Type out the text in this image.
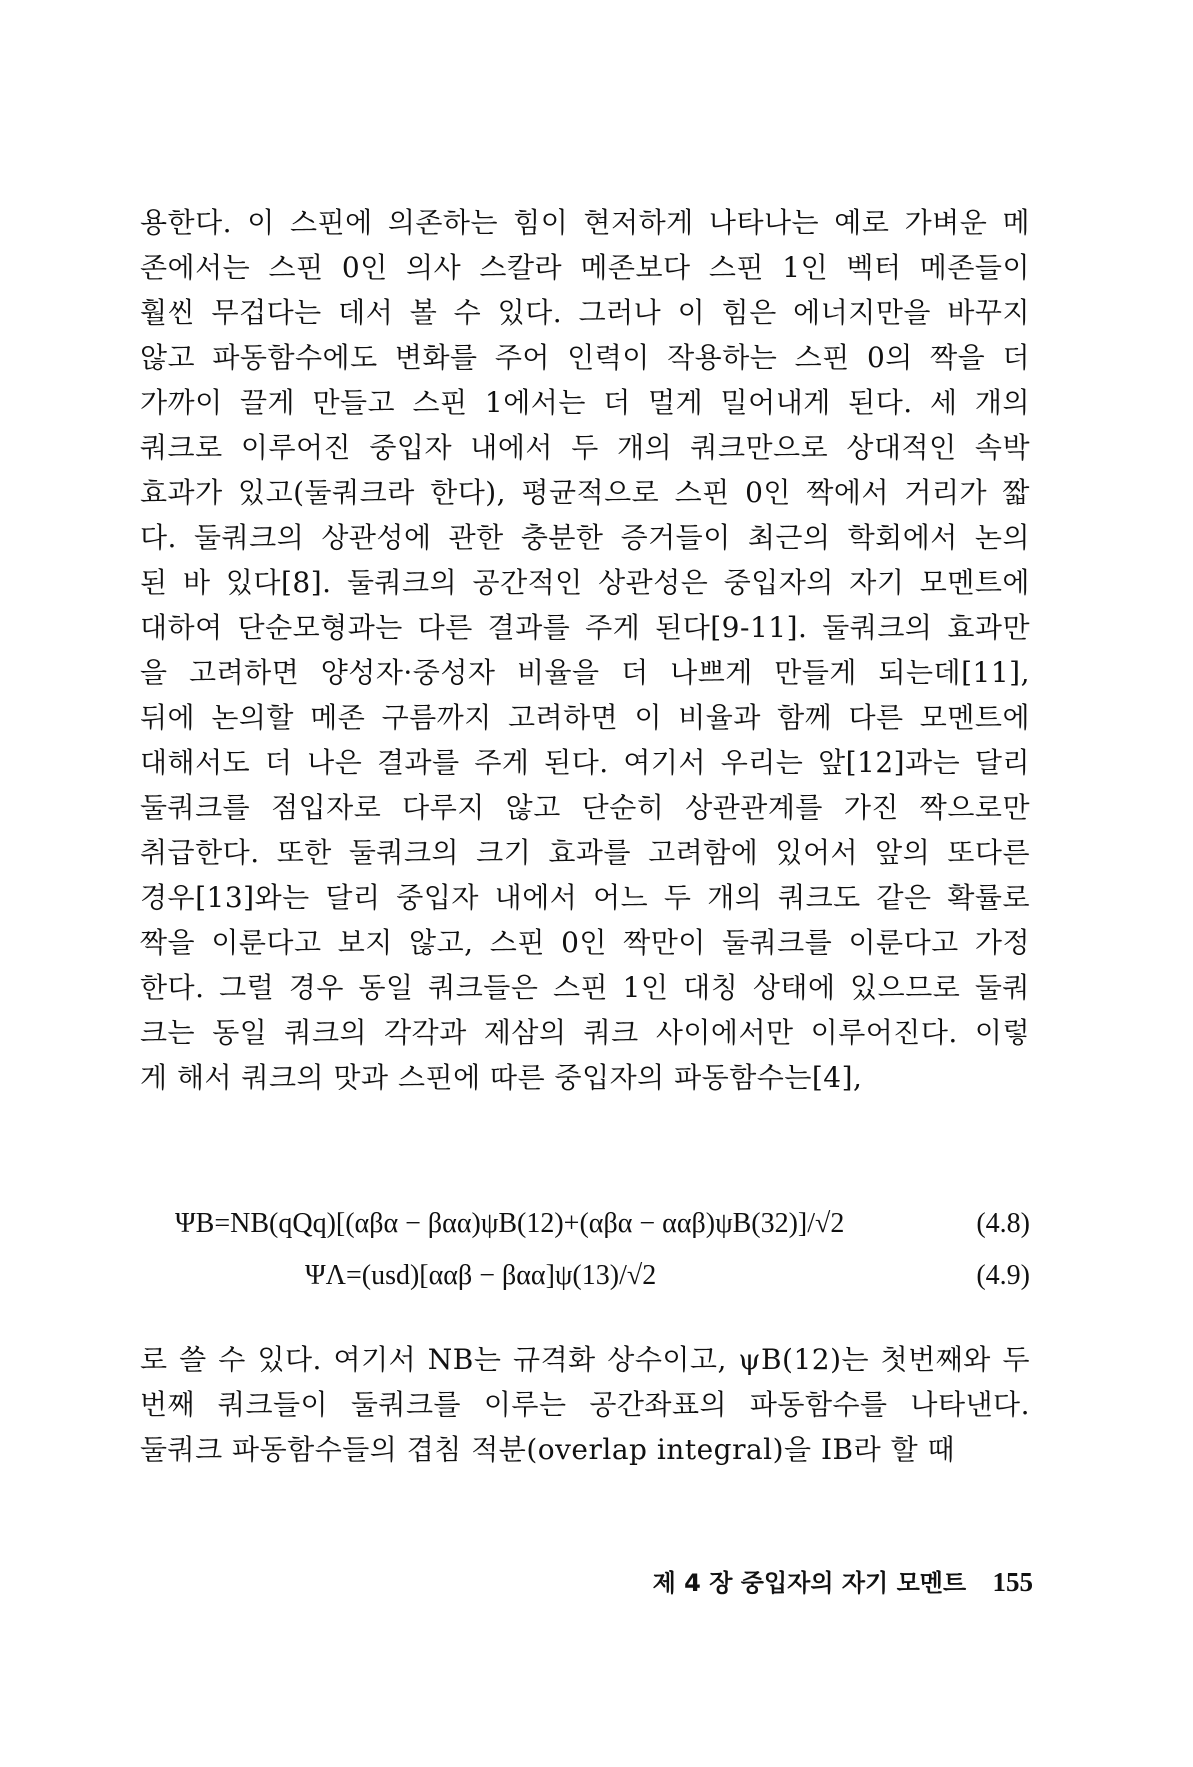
용한다. 이 스핀에 의존하는 힘이 현저하게 나타나는 예로 가벼운 메
존에서는 스핀 0인 의사 스칼라 메존보다 스핀 1인 벡터 메존들이
훨씬 무겁다는 데서 볼 수 있다. 그러나 이 힘은 에너지만을 바꾸지
않고 파동함수에도 변화를 주어 인력이 작용하는 스핀 0의 짝을 더
가까이 끌게 만들고 스핀 1에서는 더 멀게 밀어내게 된다. 세 개의
쿼크로 이루어진 중입자 내에서 두 개의 쿼크만으로 상대적인 속박
효과가 있고(둘쿼크라 한다), 평균적으로 스핀 0인 짝에서 거리가 짧
다. 둘쿼크의 상관성에 관한 충분한 증거들이 최근의 학회에서 논의
된 바 있다[8]. 둘쿼크의 공간적인 상관성은 중입자의 자기 모멘트에
대하여 단순모형과는 다른 결과를 주게 된다[9-11]. 둘쿼크의 효과만
을 고려하면 양성자·중성자 비율을 더 나쁘게 만들게 되는데[11],
뒤에 논의할 메존 구름까지 고려하면 이 비율과 함께 다른 모멘트에
대해서도 더 나은 결과를 주게 된다. 여기서 우리는 앞[12]과는 달리
둘쿼크를 점입자로 다루지 않고 단순히 상관관계를 가진 짝으로만
취급한다. 또한 둘쿼크의 크기 효과를 고려함에 있어서 앞의 또다른
경우[13]와는 달리 중입자 내에서 어느 두 개의 쿼크도 같은 확률로
짝을 이룬다고 보지 않고, 스핀 0인 짝만이 둘쿼크를 이룬다고 가정
한다. 그럴 경우 동일 쿼크들은 스핀 1인 대칭 상태에 있으므로 둘쿼
크는 동일 쿼크의 각각과 제삼의 쿼크 사이에서만 이루어진다. 이렇
게 해서 쿼크의 맛과 스핀에 따른 중입자의 파동함수는[4],
ΨB=NB(qQq)[(αβα − βαα)ψB(12)+(αβα − ααβ)ψB(32)]/√2	(4.8)
ΨΛ=(usd)[ααβ − βαα]ψ(13)/√2	(4.9)
로 쓸 수 있다. 여기서 NB는 규격화 상수이고, ψB(12)는 첫번째와 두
번째 쿼크들이 둘쿼크를 이루는 공간좌표의 파동함수를 나타낸다.
둘쿼크 파동함수들의 겹침 적분(overlap integral)을 IB라 할 때
제 4 장 중입자의 자기 모멘트 155
